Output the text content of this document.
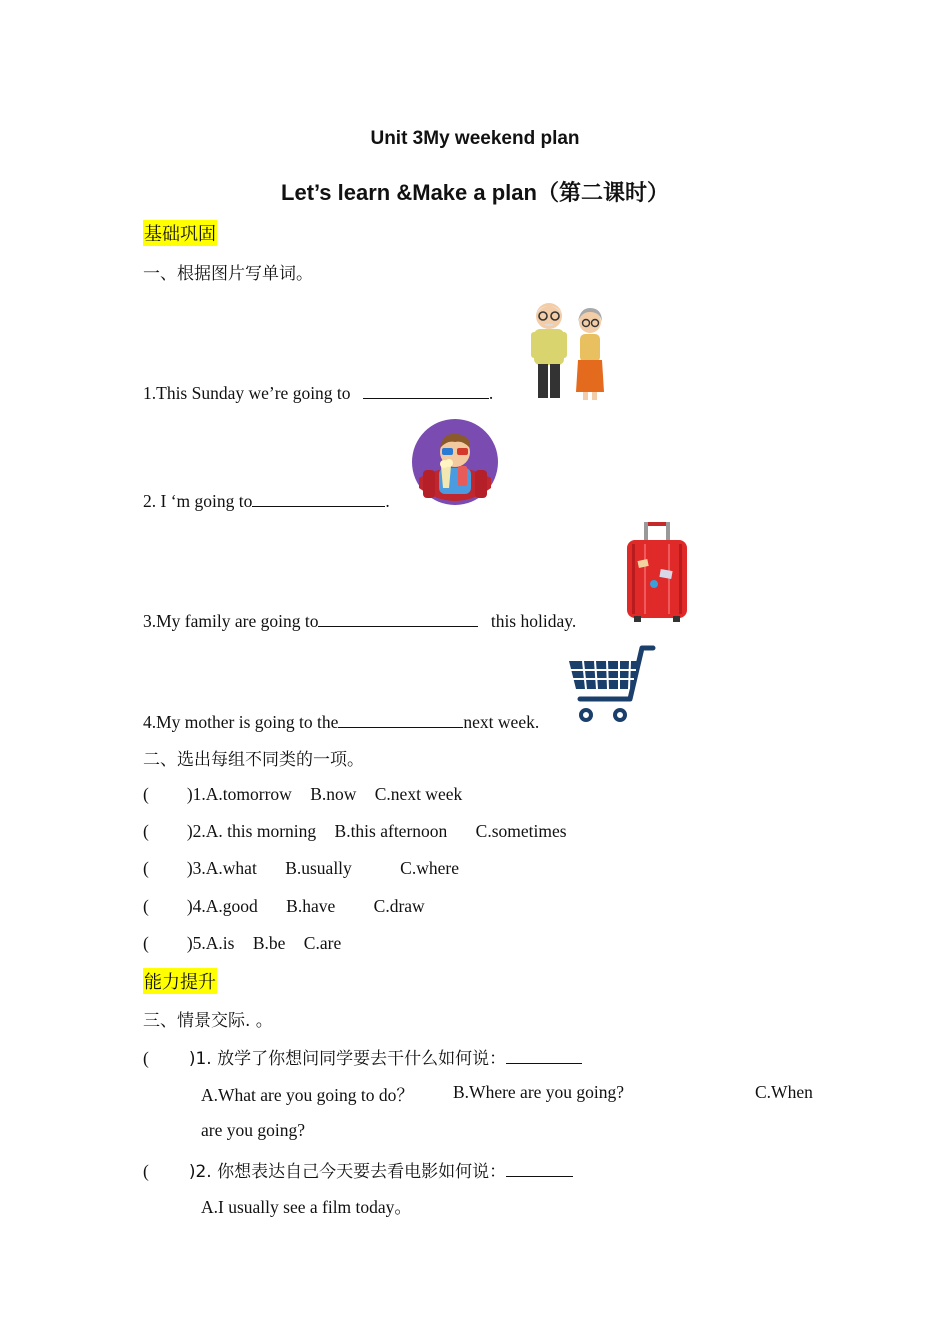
Unit 3My weekend plan
Let’s learn &Make a plan（第二课时）
基础巩固
一、根据图片写单词。
1.This Sunday we’re going to	.
2. I ‘m going to	.
3.My family are going to	this holiday.
4.My mother is going to the	next week.
二、选出每组不同类的一项。
( )1.A.tomorrow B.now C.next week
( )2.A. this morning B.this afternoon C.sometimes
( )3.A.what B.usually	C.where
( )4.A.good B.have C.draw
( )5.A.is B.be C.are
能力提升
三、情景交际. 。
( )1. 放学了你想问同学要去干什么如何说：
A.What are you going to do？ B.Where are you going?	C.When
are you going?
( )2. 你想表达自己今天要去看电影如何说：
A.I usually see a film today。
